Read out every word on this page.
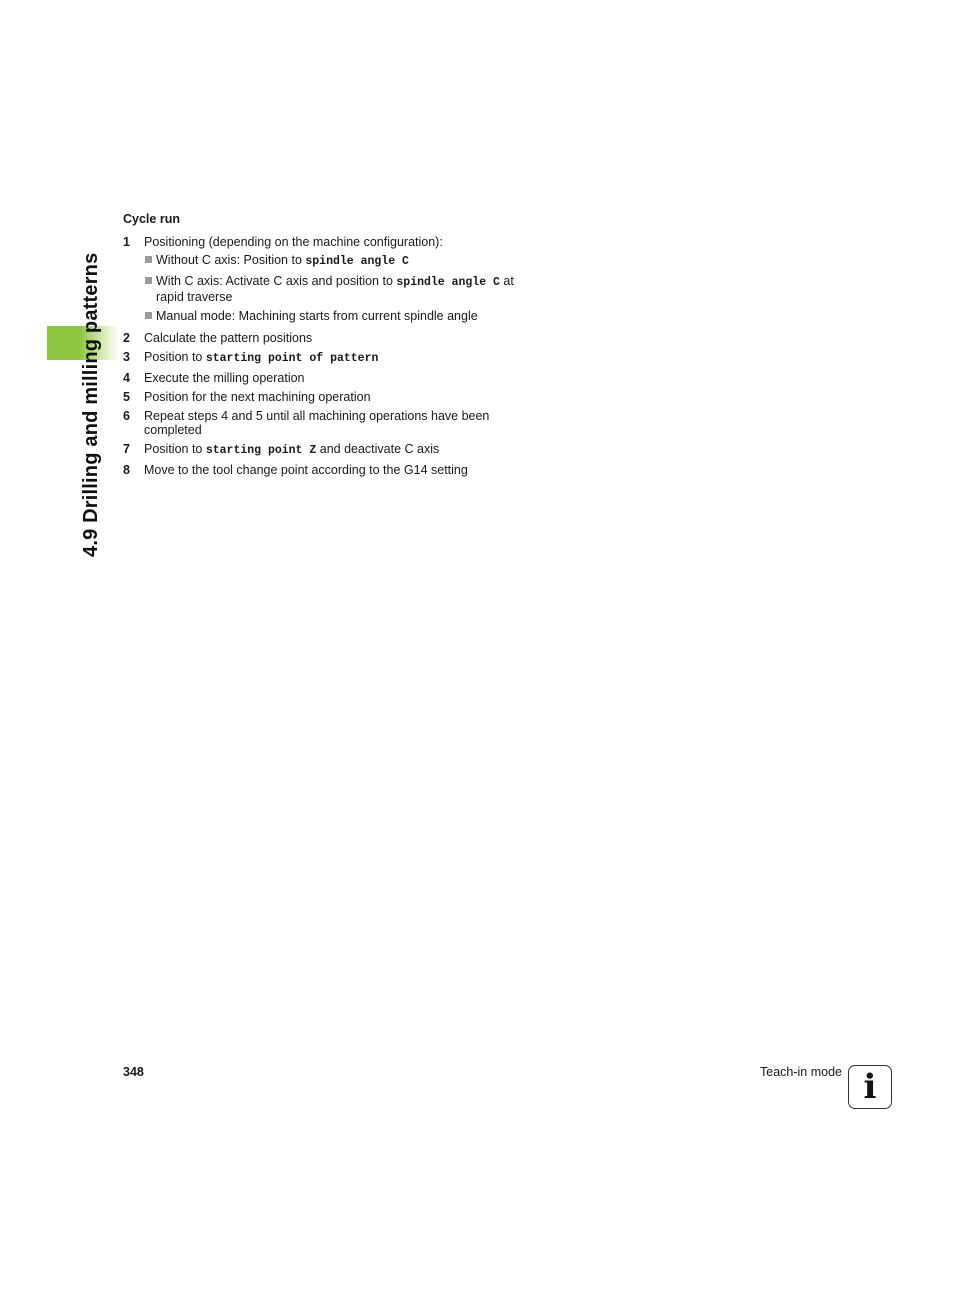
4.9 Drilling and milling patterns
Cycle run
1 Positioning (depending on the machine configuration):
Without C axis: Position to spindle angle C
With C axis: Activate C axis and position to spindle angle C at rapid traverse
Manual mode: Machining starts from current spindle angle
2 Calculate the pattern positions
3 Position to starting point of pattern
4 Execute the milling operation
5 Position for the next machining operation
6 Repeat steps 4 and 5 until all machining operations have been completed
7 Position to starting point Z and deactivate C axis
8 Move to the tool change point according to the G14 setting
348	Teach-in mode i
